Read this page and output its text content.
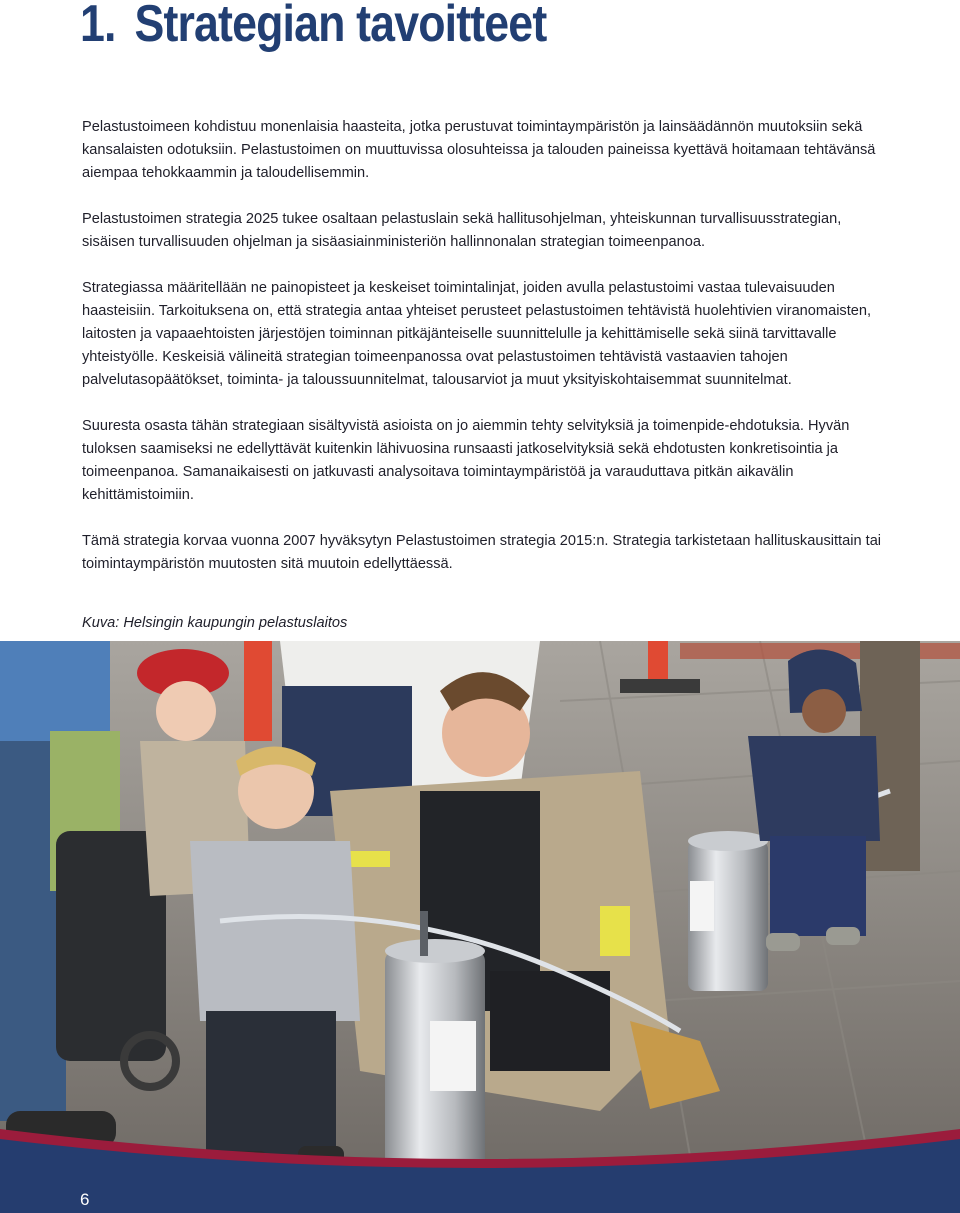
1. Strategian tavoitteet

Pelastustoimeen kohdistuu monenlaisia haasteita, jotka perustuvat toimintaympäristön ja lainsäädännön muutoksiin sekä kansalaisten odotuksiin. Pelastustoimen on muuttuvissa olosuhteissa ja talouden paineissa kyettävä hoitamaan tehtävänsä aiempaa tehokkaammin ja taloudellisemmin.

Pelastustoimen strategia 2025 tukee osaltaan pelastuslain sekä hallitusohjelman, yhteiskunnan turvallisuusstrategian, sisäisen turvallisuuden ohjelman ja sisäasiainministeriön hallinnonalan strategian toimeenpanoa.

Strategiassa määritellään ne painopisteet ja keskeiset toimintalinjat, joiden avulla pelastustoimi vastaa tulevaisuuden haasteisiin. Tarkoituksena on, että strategia antaa yhteiset perusteet pelastustoimen tehtävistä huolehtivien viranomaisten, laitosten ja vapaaehtoisten järjestöjen toiminnan pitkäjänteiselle suunnittelulle ja kehittämiselle sekä siinä tarvittavalle yhteistyölle. Keskeisiä välineitä strategian toimeenpanossa ovat pelastustoimen tehtävistä vastaavien tahojen palvelutasopäätökset, toiminta- ja taloussuunnitelmat, talousarviot ja muut yksityiskohtaisemmat suunnitelmat.

Suuresta osasta tähän strategiaan sisältyvistä asioista on jo aiemmin tehty selvityksiä ja toimenpide-ehdotuksia. Hyvän tuloksen saamiseksi ne edellyttävät kuitenkin lähivuosina runsaasti jatkoselvityksiä sekä ehdotusten konkretisointia ja toimeenpanoa. Samanaikaisesti on jatkuvasti analysoitava toimintaympäristöä ja varauduttava pitkän aikavälin kehittämistoimiin.

Tämä strategia korvaa vuonna 2007 hyväksytyn Pelastustoimen strategia 2015:n. Strategia tarkistetaan hallituskausittain tai toimintaympäristön muutosten sitä muutoin edellyttäessä.

Kuva: Helsingin kaupungin pelastuslaitos

6
